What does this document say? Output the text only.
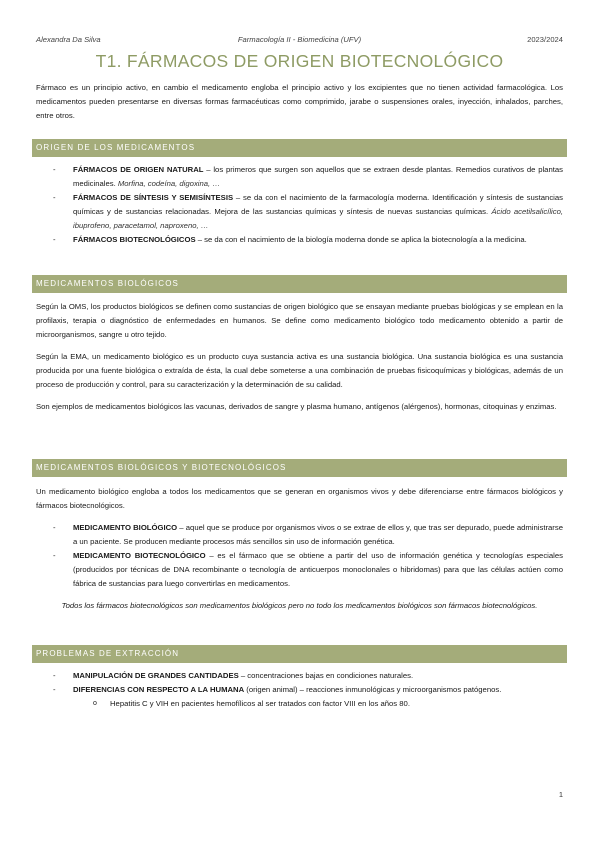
Alexandra Da Silva	Farmacología II - Biomedicina (UFV)	2023/2024
T1. FÁRMACOS DE ORIGEN BIOTECNOLÓGICO

Fármaco es un principio activo, en cambio el medicamento engloba el principio activo y los excipientes que no tienen actividad farmacológica. Los medicamentos pueden presentarse en diversas formas farmacéuticas como comprimido, jarabe o suspensiones orales, inyección, inhalados, parches, entre otros.

ORIGEN DE LOS MEDICAMENTOS
- FÁRMACOS DE ORIGEN NATURAL – los primeros que surgen son aquellos que se extraen desde plantas. Remedios curativos de plantas medicinales. Morfina, codeína, digoxina, …
- FÁRMACOS DE SÍNTESIS Y SEMISÍNTESIS – se da con el nacimiento de la farmacología moderna. Identificación y síntesis de sustancias químicas y de sustancias relacionadas. Mejora de las sustancias químicas y síntesis de nuevas sustancias químicas. Ácido acetilsalicílico, ibuprofeno, paracetamol, naproxeno, …
- FÁRMACOS BIOTECNOLÓGICOS – se da con el nacimiento de la biología moderna donde se aplica la biotecnología a la medicina.
MEDICAMENTOS BIOLÓGICOS

Según la OMS, los productos biológicos se definen como sustancias de origen biológico que se ensayan mediante pruebas biológicas y se emplean en la profilaxis, terapia o diagnóstico de enfermedades en humanos. Se define como medicamento biológico todo medicamento obtenido a partir de microorganismos, sangre u otro tejido.

Según la EMA, un medicamento biológico es un producto cuya sustancia activa es una sustancia biológica. Una sustancia biológica es una sustancia producida por una fuente biológica o extraída de ésta, la cual debe someterse a una combinación de pruebas fisicoquímicas y biológicas, además de un proceso de producción y control, para su caracterización y la determinación de su calidad.

Son ejemplos de medicamentos biológicos las vacunas, derivados de sangre y plasma humano, antígenos (alérgenos), hormonas, citoquinas y enzimas.

MEDICAMENTOS BIOLÓGICOS Y BIOTECNOLÓGICOS

Un medicamento biológico engloba a todos los medicamentos que se generan en organismos vivos y debe diferenciarse entre fármacos biológicos y fármacos biotecnológicos.

- MEDICAMENTO BIOLÓGICO – aquel que se produce por organismos vivos o se extrae de ellos y, que tras ser depurado, puede administrarse a un paciente. Se producen mediante procesos más sencillos sin uso de información genética.
- MEDICAMENTO BIOTECNOLÓGICO – es el fármaco que se obtiene a partir del uso de información genética y tecnologías especiales (producidos por técnicas de DNA recombinante o tecnología de anticuerpos monoclonales o hibridomas) para que las células actúen como fábrica de sustancias para luego convertirlas en medicamentos.

Todos los fármacos biotecnológicos son medicamentos biológicos pero no todo los medicamentos biológicos son fármacos biotecnológicos.

PROBLEMAS DE EXTRACCIÓN
- MANIPULACIÓN DE GRANDES CANTIDADES – concentraciones bajas en condiciones naturales.
- DIFERENCIAS CON RESPECTO A LA HUMANA (origen animal) – reacciones inmunológicas y microorganismos patógenos.
o Hepatitis C y VIH en pacientes hemofílicos al ser tratados con factor VIII en los años 80.
1
